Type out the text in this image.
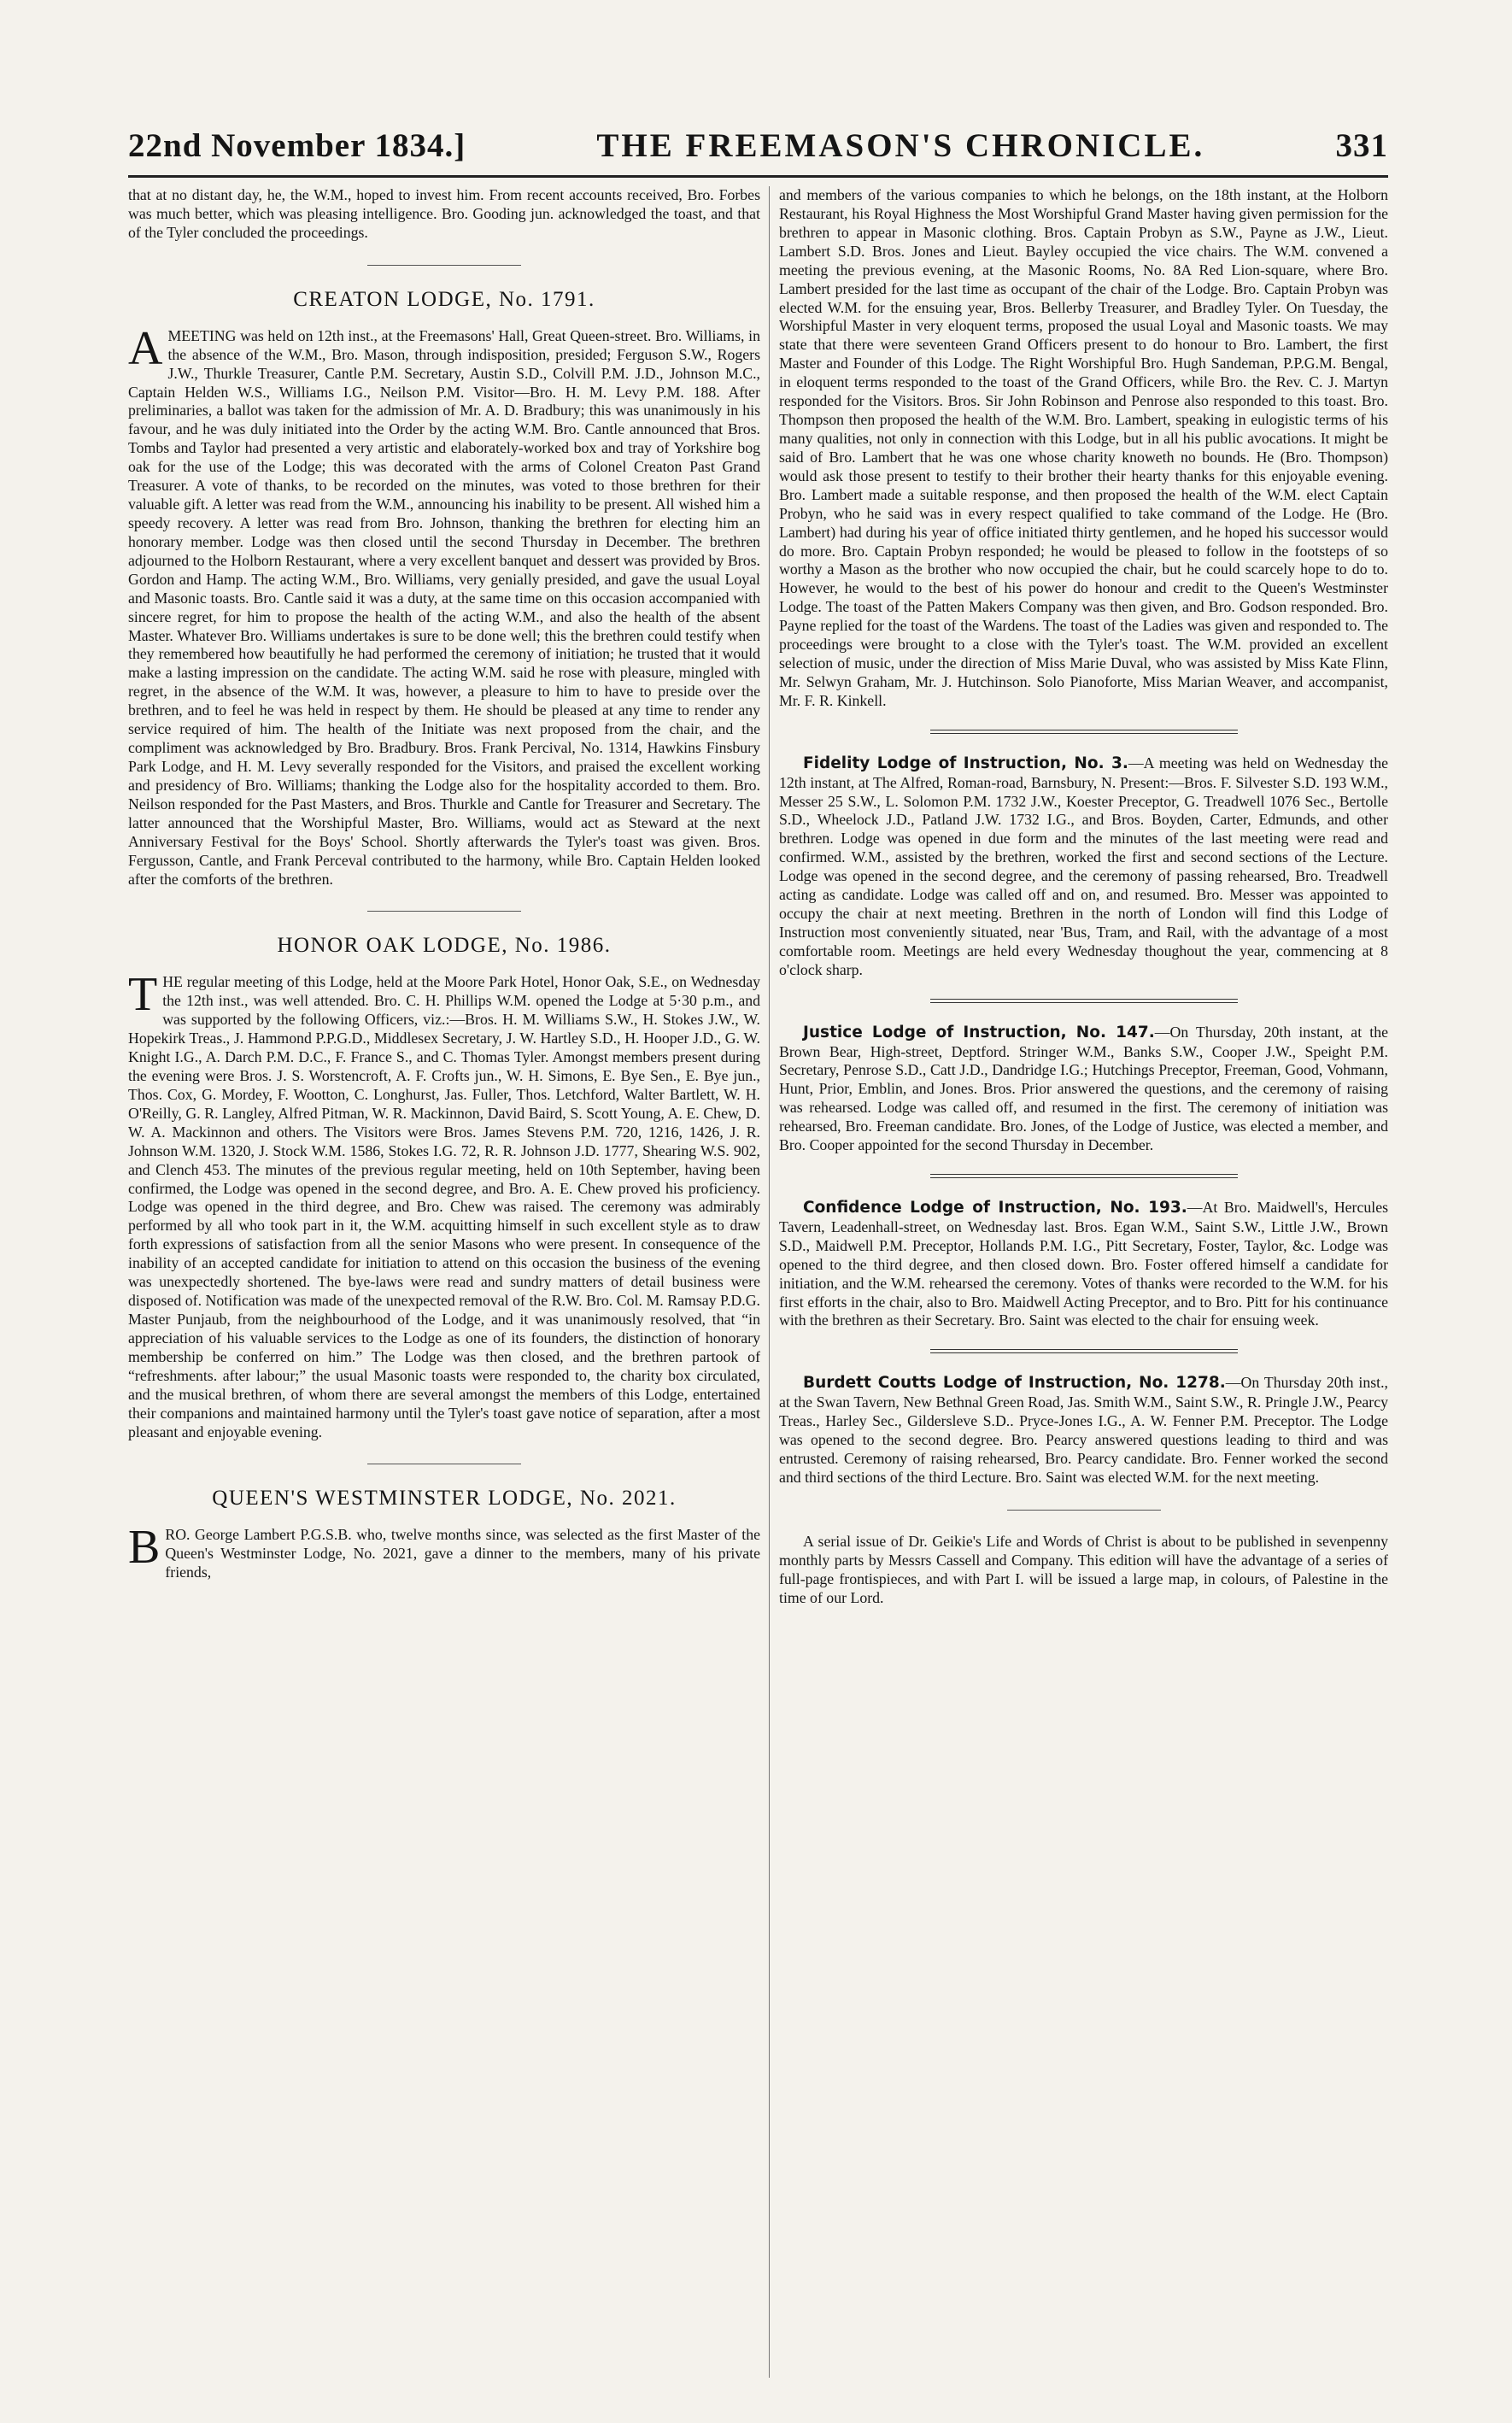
22nd November 1834.]	THE FREEMASON'S CHRONICLE.	331

that at no distant day, he, the W.M., hoped to invest him. From recent accounts received, Bro. Forbes was much better, which was pleasing intelligence. Bro. Gooding jun. acknowledged the toast, and that of the Tyler concluded the proceedings.

CREATON LODGE, No. 1791.

AMEETING was held on 12th inst., at the Freemasons' Hall, Great Queen-street. Bro. Williams, in the absence of the W.M., Bro. Mason, through indisposition, presided; Ferguson S.W., Rogers J.W., Thurkle Treasurer, Cantle P.M. Secretary, Austin S.D., Colvill P.M. J.D., Johnson M.C., Captain Helden W.S., Williams I.G., Neilson P.M. Visitor—Bro. H. M. Levy P.M. 188. After preliminaries, a ballot was taken for the admission of Mr. A. D. Bradbury; this was unanimously in his favour, and he was duly initiated into the Order by the acting W.M. Bro. Cantle announced that Bros. Tombs and Taylor had presented a very artistic and elaborately-worked box and tray of Yorkshire bog oak for the use of the Lodge; this was decorated with the arms of Colonel Creaton Past Grand Treasurer. A vote of thanks, to be recorded on the minutes, was voted to those brethren for their valuable gift. A letter was read from the W.M., announcing his inability to be present. All wished him a speedy recovery. A letter was read from Bro. Johnson, thanking the brethren for electing him an honorary member. Lodge was then closed until the second Thursday in December. The brethren adjourned to the Holborn Restaurant, where a very excellent banquet and dessert was provided by Bros. Gordon and Hamp. The acting W.M., Bro. Williams, very genially presided, and gave the usual Loyal and Masonic toasts. Bro. Cantle said it was a duty, at the same time on this occasion accompanied with sincere regret, for him to propose the health of the acting W.M., and also the health of the absent Master. Whatever Bro. Williams undertakes is sure to be done well; this the brethren could testify when they remembered how beautifully he had performed the ceremony of initiation; he trusted that it would make a lasting impression on the candidate. The acting W.M. said he rose with pleasure, mingled with regret, in the absence of the W.M. It was, however, a pleasure to him to have to preside over the brethren, and to feel he was held in respect by them. He should be pleased at any time to render any service required of him. The health of the Initiate was next proposed from the chair, and the compliment was acknowledged by Bro. Bradbury. Bros. Frank Percival, No. 1314, Hawkins Finsbury Park Lodge, and H. M. Levy severally responded for the Visitors, and praised the excellent working and presidency of Bro. Williams; thanking the Lodge also for the hospitality accorded to them. Bro. Neilson responded for the Past Masters, and Bros. Thurkle and Cantle for Treasurer and Secretary. The latter announced that the Worshipful Master, Bro. Williams, would act as Steward at the next Anniversary Festival for the Boys' School. Shortly afterwards the Tyler's toast was given. Bros. Fergusson, Cantle, and Frank Perceval contributed to the harmony, while Bro. Captain Helden looked after the comforts of the brethren.

HONOR OAK LODGE, No. 1986.

THE regular meeting of this Lodge, held at the Moore Park Hotel, Honor Oak, S.E., on Wednesday the 12th inst., was well attended. Bro. C. H. Phillips W.M. opened the Lodge at 5·30 p.m., and was supported by the following Officers, viz.:—Bros. H. M. Williams S.W., H. Stokes J.W., W. Hopekirk Treas., J. Hammond P.P.G.D., Middlesex Secretary, J. W. Hartley S.D., H. Hooper J.D., G. W. Knight I.G., A. Darch P.M. D.C., F. France S., and C. Thomas Tyler. Amongst members present during the evening were Bros. J. S. Worstencroft, A. F. Crofts jun., W. H. Simons, E. Bye Sen., E. Bye jun., Thos. Cox, G. Mordey, F. Wootton, C. Longhurst, Jas. Fuller, Thos. Letchford, Walter Bartlett, W. H. O'Reilly, G. R. Langley, Alfred Pitman, W. R. Mackinnon, David Baird, S. Scott Young, A. E. Chew, D. W. A. Mackinnon and others. The Visitors were Bros. James Stevens P.M. 720, 1216, 1426, J. R. Johnson W.M. 1320, J. Stock W.M. 1586, Stokes I.G. 72, R. R. Johnson J.D. 1777, Shearing W.S. 902, and Clench 453. The minutes of the previous regular meeting, held on 10th September, having been confirmed, the Lodge was opened in the second degree, and Bro. A. E. Chew proved his proficiency. Lodge was opened in the third degree, and Bro. Chew was raised. The ceremony was admirably performed by all who took part in it, the W.M. acquitting himself in such excellent style as to draw forth expressions of satisfaction from all the senior Masons who were present. In consequence of the inability of an accepted candidate for initiation to attend on this occasion the business of the evening was unexpectedly shortened. The bye-laws were read and sundry matters of detail business were disposed of. Notification was made of the unexpected removal of the R.W. Bro. Col. M. Ramsay P.D.G. Master Punjaub, from the neighbourhood of the Lodge, and it was unanimously resolved, that “in appreciation of his valuable services to the Lodge as one of its founders, the distinction of honorary membership be conferred on him.” The Lodge was then closed, and the brethren partook of “refreshments. after labour;” the usual Masonic toasts were responded to, the charity box circulated, and the musical brethren, of whom there are several amongst the members of this Lodge, entertained their companions and maintained harmony until the Tyler's toast gave notice of separation, after a most pleasant and enjoyable evening.

QUEEN'S WESTMINSTER LODGE, No. 2021.

BRO. George Lambert P.G.S.B. who, twelve months since, was selected as the first Master of the Queen's Westminster Lodge, No. 2021, gave a dinner to the members, many of his private friends,

and members of the various companies to which he belongs, on the 18th instant, at the Holborn Restaurant, his Royal Highness the Most Worshipful Grand Master having given permission for the brethren to appear in Masonic clothing. Bros. Captain Probyn as S.W., Payne as J.W., Lieut. Lambert S.D. Bros. Jones and Lieut. Bayley occupied the vice chairs. The W.M. convened a meeting the previous evening, at the Masonic Rooms, No. 8A Red Lion-square, where Bro. Lambert presided for the last time as occupant of the chair of the Lodge. Bro. Captain Probyn was elected W.M. for the ensuing year, Bros. Bellerby Treasurer, and Bradley Tyler. On Tuesday, the Worshipful Master in very eloquent terms, proposed the usual Loyal and Masonic toasts. We may state that there were seventeen Grand Officers present to do honour to Bro. Lambert, the first Master and Founder of this Lodge. The Right Worshipful Bro. Hugh Sandeman, P.P.G.M. Bengal, in eloquent terms responded to the toast of the Grand Officers, while Bro. the Rev. C. J. Martyn responded for the Visitors. Bros. Sir John Robinson and Penrose also responded to this toast. Bro. Thompson then proposed the health of the W.M. Bro. Lambert, speaking in eulogistic terms of his many qualities, not only in connection with this Lodge, but in all his public avocations. It might be said of Bro. Lambert that he was one whose charity knoweth no bounds. He (Bro. Thompson) would ask those present to testify to their brother their hearty thanks for this enjoyable evening. Bro. Lambert made a suitable response, and then proposed the health of the W.M. elect Captain Probyn, who he said was in every respect qualified to take command of the Lodge. He (Bro. Lambert) had during his year of office initiated thirty gentlemen, and he hoped his successor would do more. Bro. Captain Probyn responded; he would be pleased to follow in the footsteps of so worthy a Mason as the brother who now occupied the chair, but he could scarcely hope to do to. However, he would to the best of his power do honour and credit to the Queen's Westminster Lodge. The toast of the Patten Makers Company was then given, and Bro. Godson responded. Bro. Payne replied for the toast of the Wardens. The toast of the Ladies was given and responded to. The proceedings were brought to a close with the Tyler's toast. The W.M. provided an excellent selection of music, under the direction of Miss Marie Duval, who was assisted by Miss Kate Flinn, Mr. Selwyn Graham, Mr. J. Hutchinson. Solo Pianoforte, Miss Marian Weaver, and accompanist, Mr. F. R. Kinkell.

Fidelity Lodge of Instruction, No. 3.—A meeting was held on Wednesday the 12th instant, at The Alfred, Roman-road, Barnsbury, N. Present:—Bros. F. Silvester S.D. 193 W.M., Messer 25 S.W., L. Solomon P.M. 1732 J.W., Koester Preceptor, G. Treadwell 1076 Sec., Bertolle S.D., Wheelock J.D., Patland J.W. 1732 I.G., and Bros. Boyden, Carter, Edmunds, and other brethren. Lodge was opened in due form and the minutes of the last meeting were read and confirmed. W.M., assisted by the brethren, worked the first and second sections of the Lecture. Lodge was opened in the second degree, and the ceremony of passing rehearsed, Bro. Treadwell acting as candidate. Lodge was called off and on, and resumed. Bro. Messer was appointed to occupy the chair at next meeting. Brethren in the north of London will find this Lodge of Instruction most conveniently situated, near 'Bus, Tram, and Rail, with the advantage of a most comfortable room. Meetings are held every Wednesday thoughout the year, commencing at 8 o'clock sharp.

Justice Lodge of Instruction, No. 147.—On Thursday, 20th instant, at the Brown Bear, High-street, Deptford. Stringer W.M., Banks S.W., Cooper J.W., Speight P.M. Secretary, Penrose S.D., Catt J.D., Dandridge I.G.; Hutchings Preceptor, Freeman, Good, Vohmann, Hunt, Prior, Emblin, and Jones. Bros. Prior answered the questions, and the ceremony of raising was rehearsed. Lodge was called off, and resumed in the first. The ceremony of initiation was rehearsed, Bro. Freeman candidate. Bro. Jones, of the Lodge of Justice, was elected a member, and Bro. Cooper appointed for the second Thursday in December.

Confidence Lodge of Instruction, No. 193.—At Bro. Maidwell's, Hercules Tavern, Leadenhall-street, on Wednesday last. Bros. Egan W.M., Saint S.W., Little J.W., Brown S.D., Maidwell P.M. Preceptor, Hollands P.M. I.G., Pitt Secretary, Foster, Taylor, &c. Lodge was opened to the third degree, and then closed down. Bro. Foster offered himself a candidate for initiation, and the W.M. rehearsed the ceremony. Votes of thanks were recorded to the W.M. for his first efforts in the chair, also to Bro. Maidwell Acting Preceptor, and to Bro. Pitt for his continuance with the brethren as their Secretary. Bro. Saint was elected to the chair for ensuing week.

Burdett Coutts Lodge of Instruction, No. 1278.—On Thursday 20th inst., at the Swan Tavern, New Bethnal Green Road, Jas. Smith W.M., Saint S.W., R. Pringle J.W., Pearcy Treas., Harley Sec., Gildersleve S.D.. Pryce-Jones I.G., A. W. Fenner P.M. Preceptor. The Lodge was opened to the second degree. Bro. Pearcy answered questions leading to third and was entrusted. Ceremony of raising rehearsed, Bro. Pearcy candidate. Bro. Fenner worked the second and third sections of the third Lecture. Bro. Saint was elected W.M. for the next meeting.

A serial issue of Dr. Geikie's Life and Words of Christ is about to be published in sevenpenny monthly parts by Messrs Cassell and Company. This edition will have the advantage of a series of full-page frontispieces, and with Part I. will be issued a large map, in colours, of Palestine in the time of our Lord.
